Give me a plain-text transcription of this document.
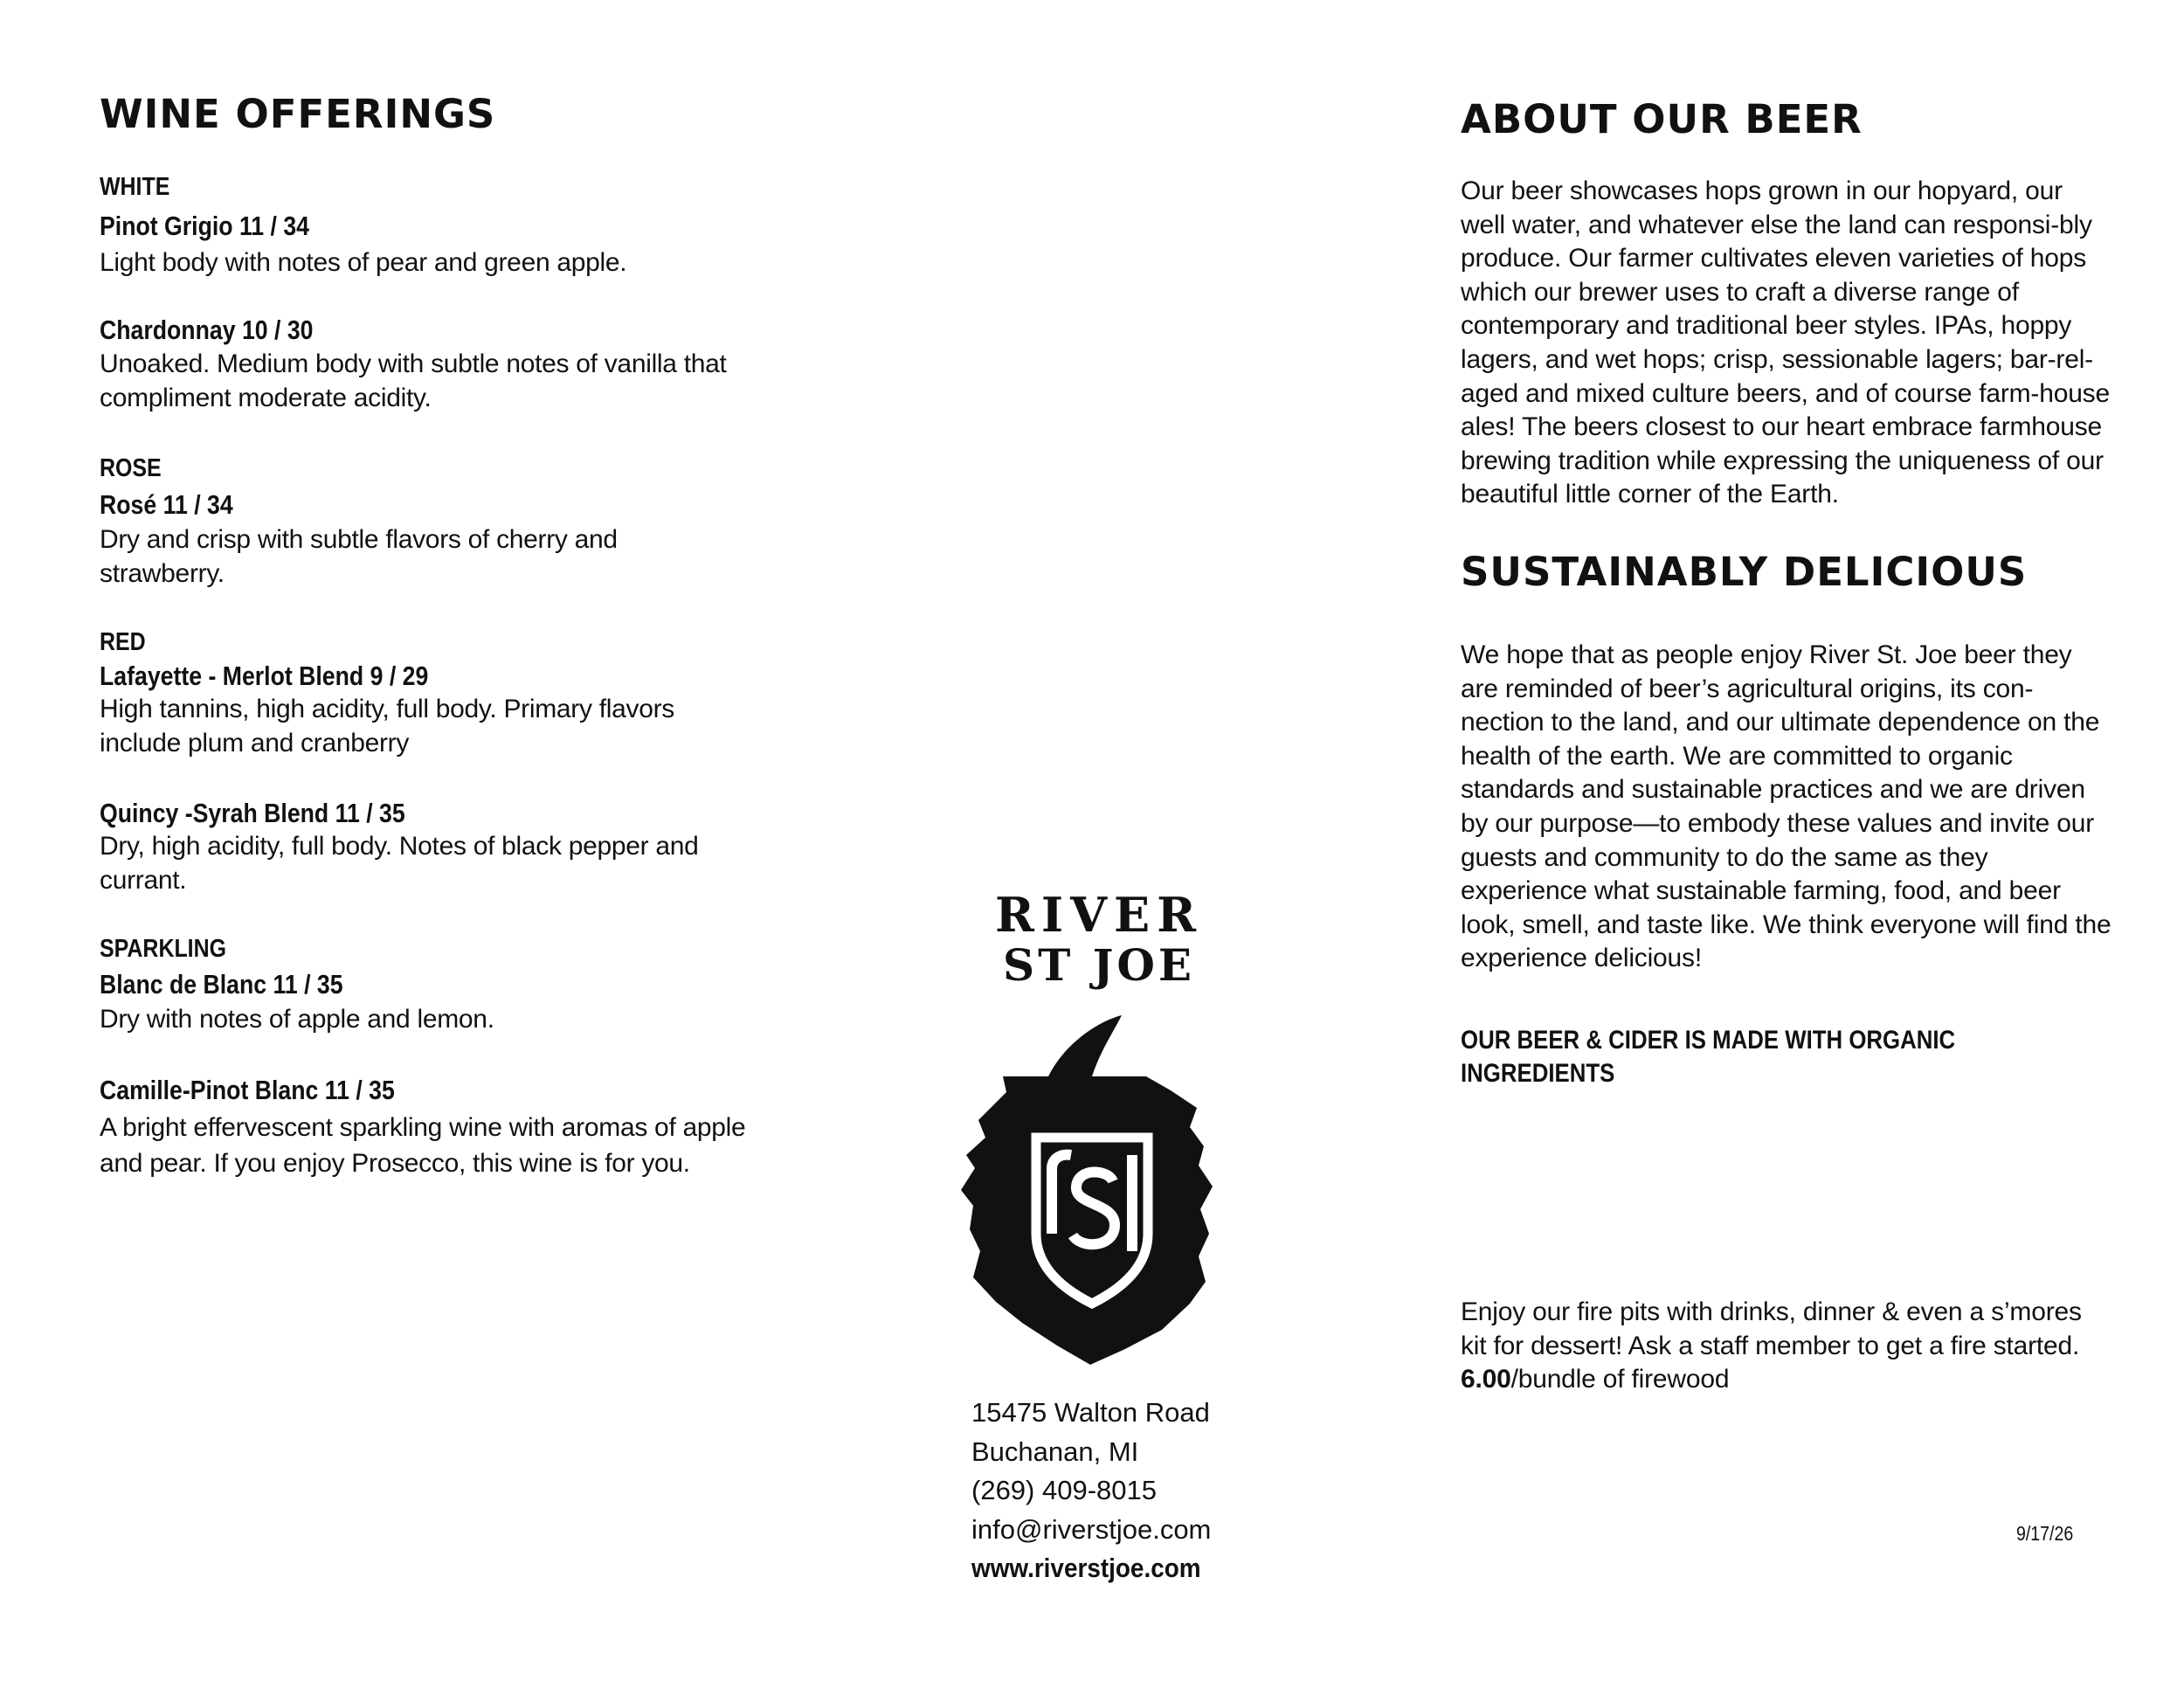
WINE OFFERINGS
WHITE
Pinot Grigio 11 / 34
Light body with notes of pear and green apple.
Chardonnay 10 / 30
Unoaked. Medium body with subtle notes of vanilla that compliment moderate acidity.
ROSE
Rosé 11 / 34
Dry and crisp with subtle flavors of cherry and strawberry.
RED
Lafayette - Merlot Blend 9 / 29
High tannins, high acidity, full body. Primary flavors include plum and cranberry
Quincy -Syrah Blend 11 / 35
Dry, high acidity, full body. Notes of black pepper and currant.
SPARKLING
Blanc de Blanc 11 / 35
Dry with notes of apple and lemon.
Camille-Pinot Blanc 11 / 35
A bright effervescent sparkling wine with aromas of apple and pear. If you enjoy Prosecco, this wine is for you.
RIVER
ST JOE
15475 Walton Road
Buchanan, MI
(269) 409-8015
info@riverstjoe.com
www.riverstjoe.com
ABOUT OUR BEER

Our beer showcases hops grown in our hopyard, our well water, and whatever else the land can responsi-bly produce. Our farmer cultivates eleven varieties of hops which our brewer uses to craft a diverse range of contemporary and traditional beer styles. IPAs, hoppy lagers, and wet hops; crisp, sessionable lagers; bar-rel-aged and mixed culture beers, and of course farm-house ales! The beers closest to our heart embrace farmhouse brewing tradition while expressing the uniqueness of our beautiful little corner of the Earth.

SUSTAINABLY DELICIOUS

We hope that as people enjoy River St. Joe beer they are reminded of beer’s agricultural origins, its con-nection to the land, and our ultimate dependence on the health of the earth. We are committed to organic standards and sustainable practices and we are driven by our purpose—to embody these values and invite our guests and community to do the same as they experience what sustainable farming, food, and beer look, smell, and taste like. We think everyone will find the experience delicious!

OUR BEER & CIDER IS MADE WITH ORGANIC INGREDIENTS

Enjoy our fire pits with drinks, dinner & even a s’mores kit for dessert! Ask a staff member to get a fire started. 6.00/bundle of firewood

9/17/26
